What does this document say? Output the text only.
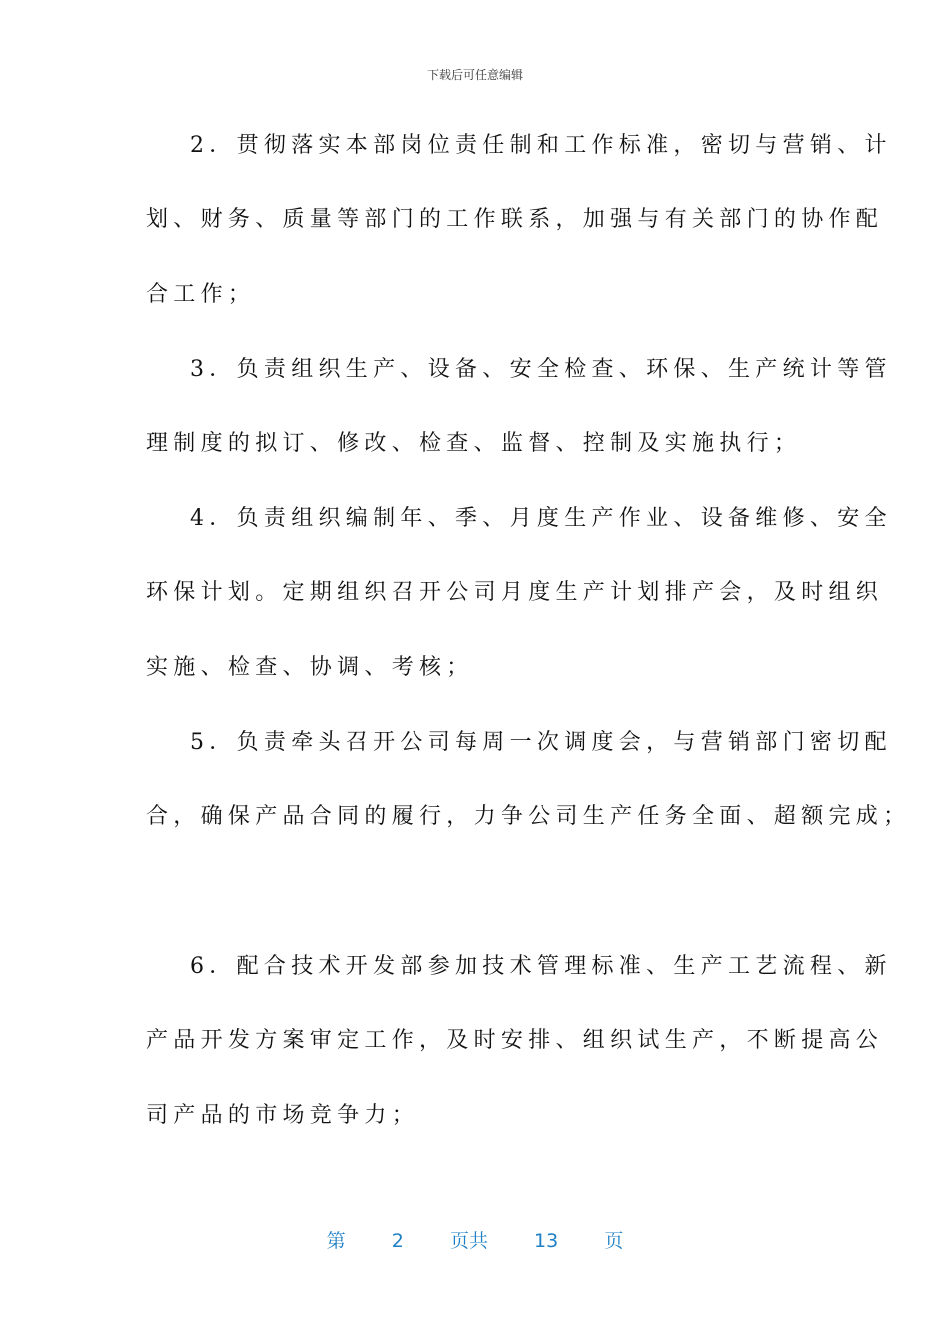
下载后可任意编辑
2．贯彻落实本部岗位责任制和工作标准，密切与营销、计
划、财务、质量等部门的工作联系，加强与有关部门的协作配
合工作；
3．负责组织生产、设备、安全检查、环保、生产统计等管
理制度的拟订、修改、检查、监督、控制及实施执行；
4．负责组织编制年、季、月度生产作业、设备维修、安全
环保计划。定期组织召开公司月度生产计划排产会，及时组织
实施、检查、协调、考核；
5．负责牵头召开公司每周一次调度会，与营销部门密切配
合，确保产品合同的履行，力争公司生产任务全面、超额完成；
6．配合技术开发部参加技术管理标准、生产工艺流程、新
产品开发方案审定工作，及时安排、组织试生产，不断提高公
司产品的市场竞争力；
第 2 页共 13 页
